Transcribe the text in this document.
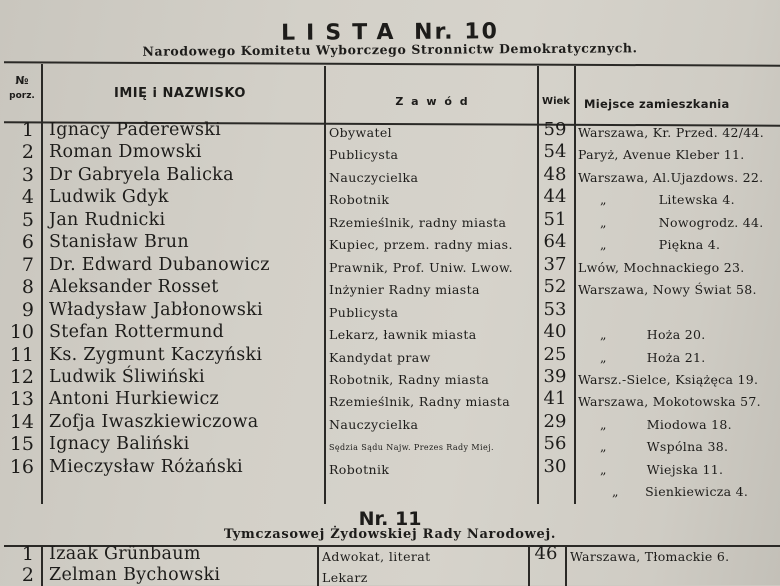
LISTA Nr. 10
Narodowego Komitetu Wyborczego Stronnictw Demokratycznych.
№
porz.	IMIĘ i NAZWISKO
Z a w ó d	Wiek	Miejsce zamieszkania
1 Ignacy Paderewski	Obywatel	59 Warszawa, Kr. Przed. 42/44.
2 Roman Dmowski	Publicysta	54 Paryż, Avenue Kleber 11.
3 Dr Gabryela Balicka	Nauczycielka	48 Warszawa, Al.Ujazdows. 22.
4 Ludwik Gdyk	Robotnik	44	„	Litewska 4.
5 Jan Rudnicki	Rzemieślnik, radny miasta	51	„	Nowogrodz. 44.
6 Stanisław Brun	Kupiec, przem. radny mias.	64	„	Piękna 4.
7 Dr. Edward Dubanowicz	Prawnik, Prof. Uniw. Lwow.	37 Lwów, Mochnackiego 23.
8 Aleksander Rosset	Inżynier Radny miasta	52 Warszawa, Nowy Świat 58.
9 Władysław Jabłonowski	Publicysta	53
10 Stefan Rottermund	Lekarz, ławnik miasta	40	„	Hoża 20.
11 Ks. Zygmunt Kaczyński	Kandydat praw	25	„	Hoża 21.
12 Ludwik Śliwiński	Robotnik, Radny miasta	39 Warsz.-Sielce, Książęca 19.
13 Antoni Hurkiewicz	Rzemieślnik, Radny miasta	41 Warszawa, Mokotowska 57.
14 Zofja Iwaszkiewiczowa	Nauczycielka	29	„	Miodowa 18.
15 Ignacy Baliński	Sędzia Sądu Najw. Prezes Rady Miej.	56	„	Wspólna 38.
16 Mieczysław Różański	Robotnik	30	„	Wiejska 11.
„ Sienkiewicza 4.
Nr. 11
Tymczasowej Żydowskiej Rady Narodowej.
1 Izaak Grünbaum	Adwokat, literat	46	Warszawa, Tłomackie 6.
2 Zelman Bychowski	Lekarz
